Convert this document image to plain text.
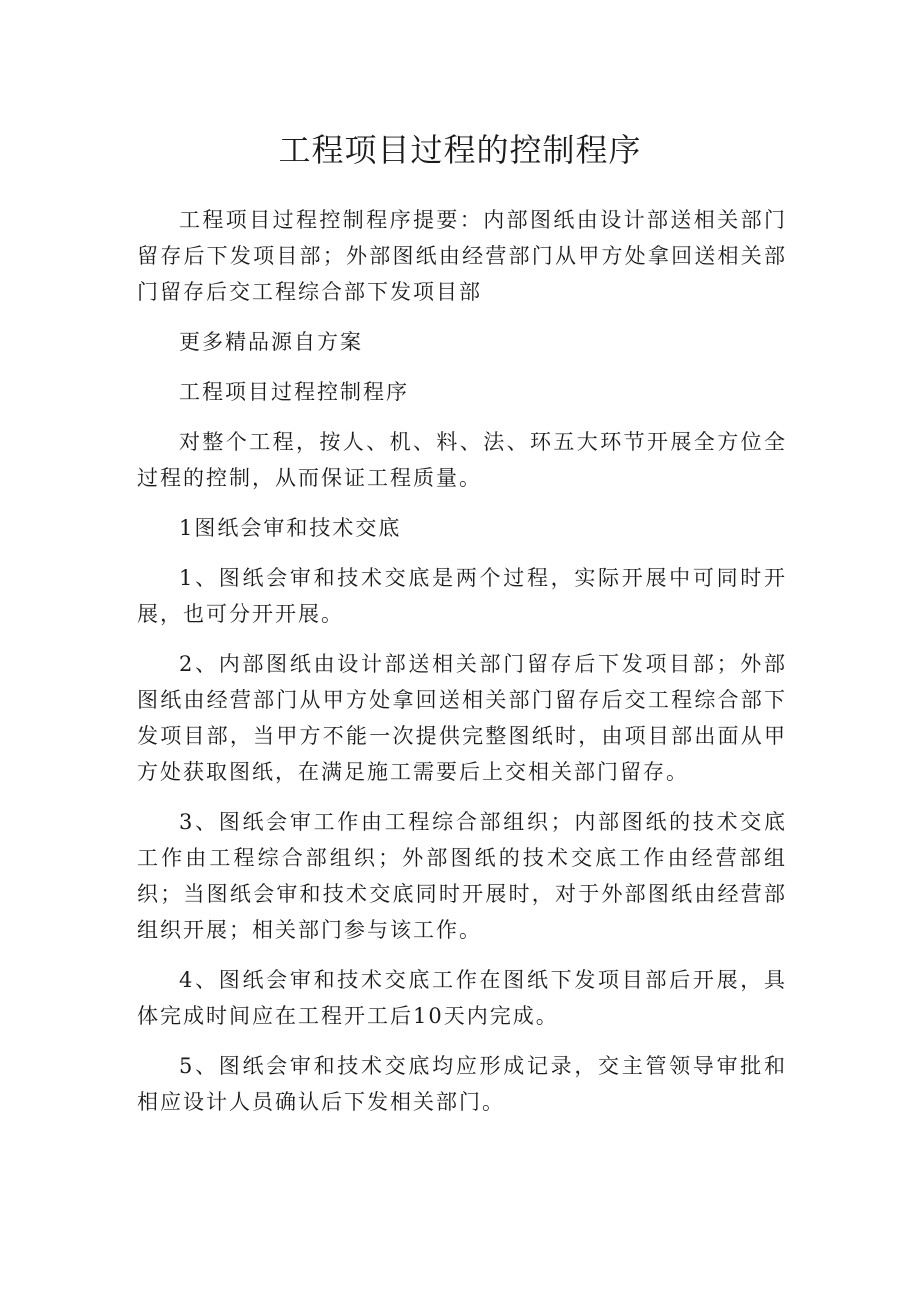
工程项目过程的控制程序

工程项目过程控制程序提要：内部图纸由设计部送相关部门留存后下发项目部；外部图纸由经营部门从甲方处拿回送相关部门留存后交工程综合部下发项目部

更多精品源自方案

工程项目过程控制程序

对整个工程，按人、机、料、法、环五大环节开展全方位全过程的控制，从而保证工程质量。

1图纸会审和技术交底

1、图纸会审和技术交底是两个过程，实际开展中可同时开展，也可分开开展。

2、内部图纸由设计部送相关部门留存后下发项目部；外部图纸由经营部门从甲方处拿回送相关部门留存后交工程综合部下发项目部，当甲方不能一次提供完整图纸时，由项目部出面从甲方处获取图纸，在满足施工需要后上交相关部门留存。

3、图纸会审工作由工程综合部组织；内部图纸的技术交底工作由工程综合部组织；外部图纸的技术交底工作由经营部组织；当图纸会审和技术交底同时开展时，对于外部图纸由经营部组织开展；相关部门参与该工作。

4、图纸会审和技术交底工作在图纸下发项目部后开展，具体完成时间应在工程开工后10天内完成。

5、图纸会审和技术交底均应形成记录，交主管领导审批和相应设计人员确认后下发相关部门。
